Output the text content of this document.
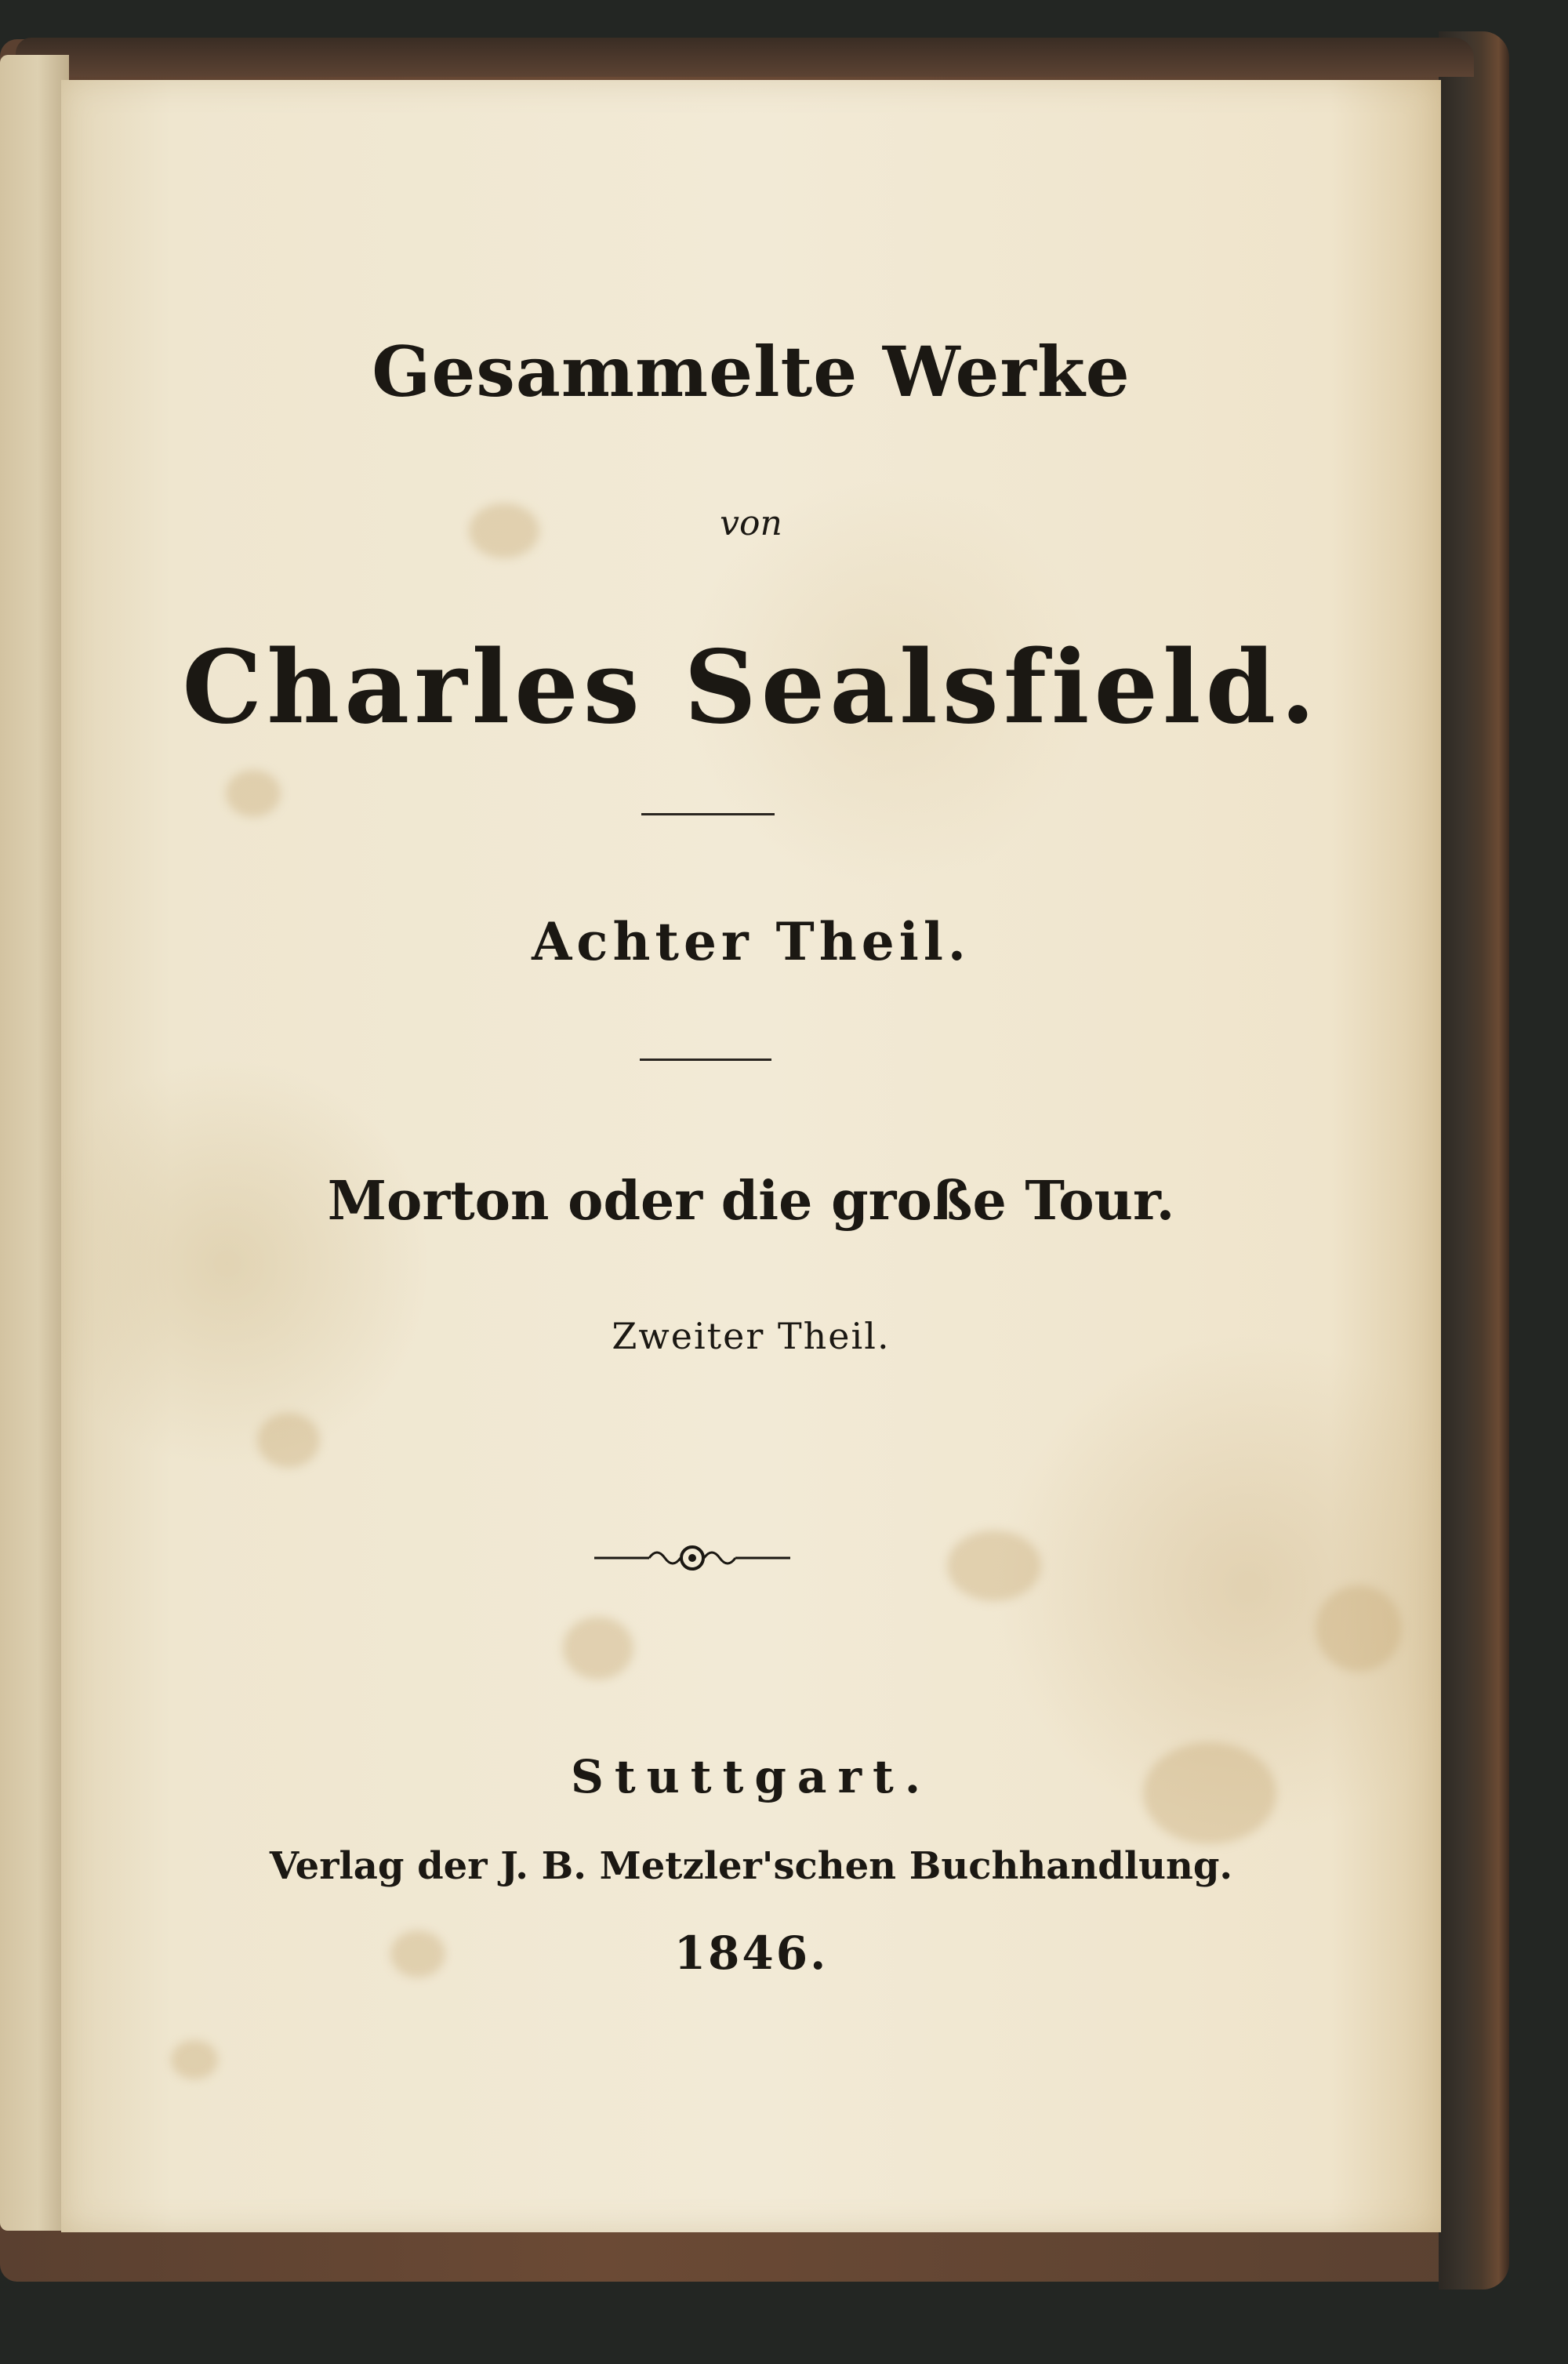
Gesammelte Werke
von
Charles Sealsfield.
Achter Theil.
Morton oder die große Tour.
Zweiter Theil.
Stuttgart.
Verlag der J. B. Metzler'schen Buchhandlung.
1846.
